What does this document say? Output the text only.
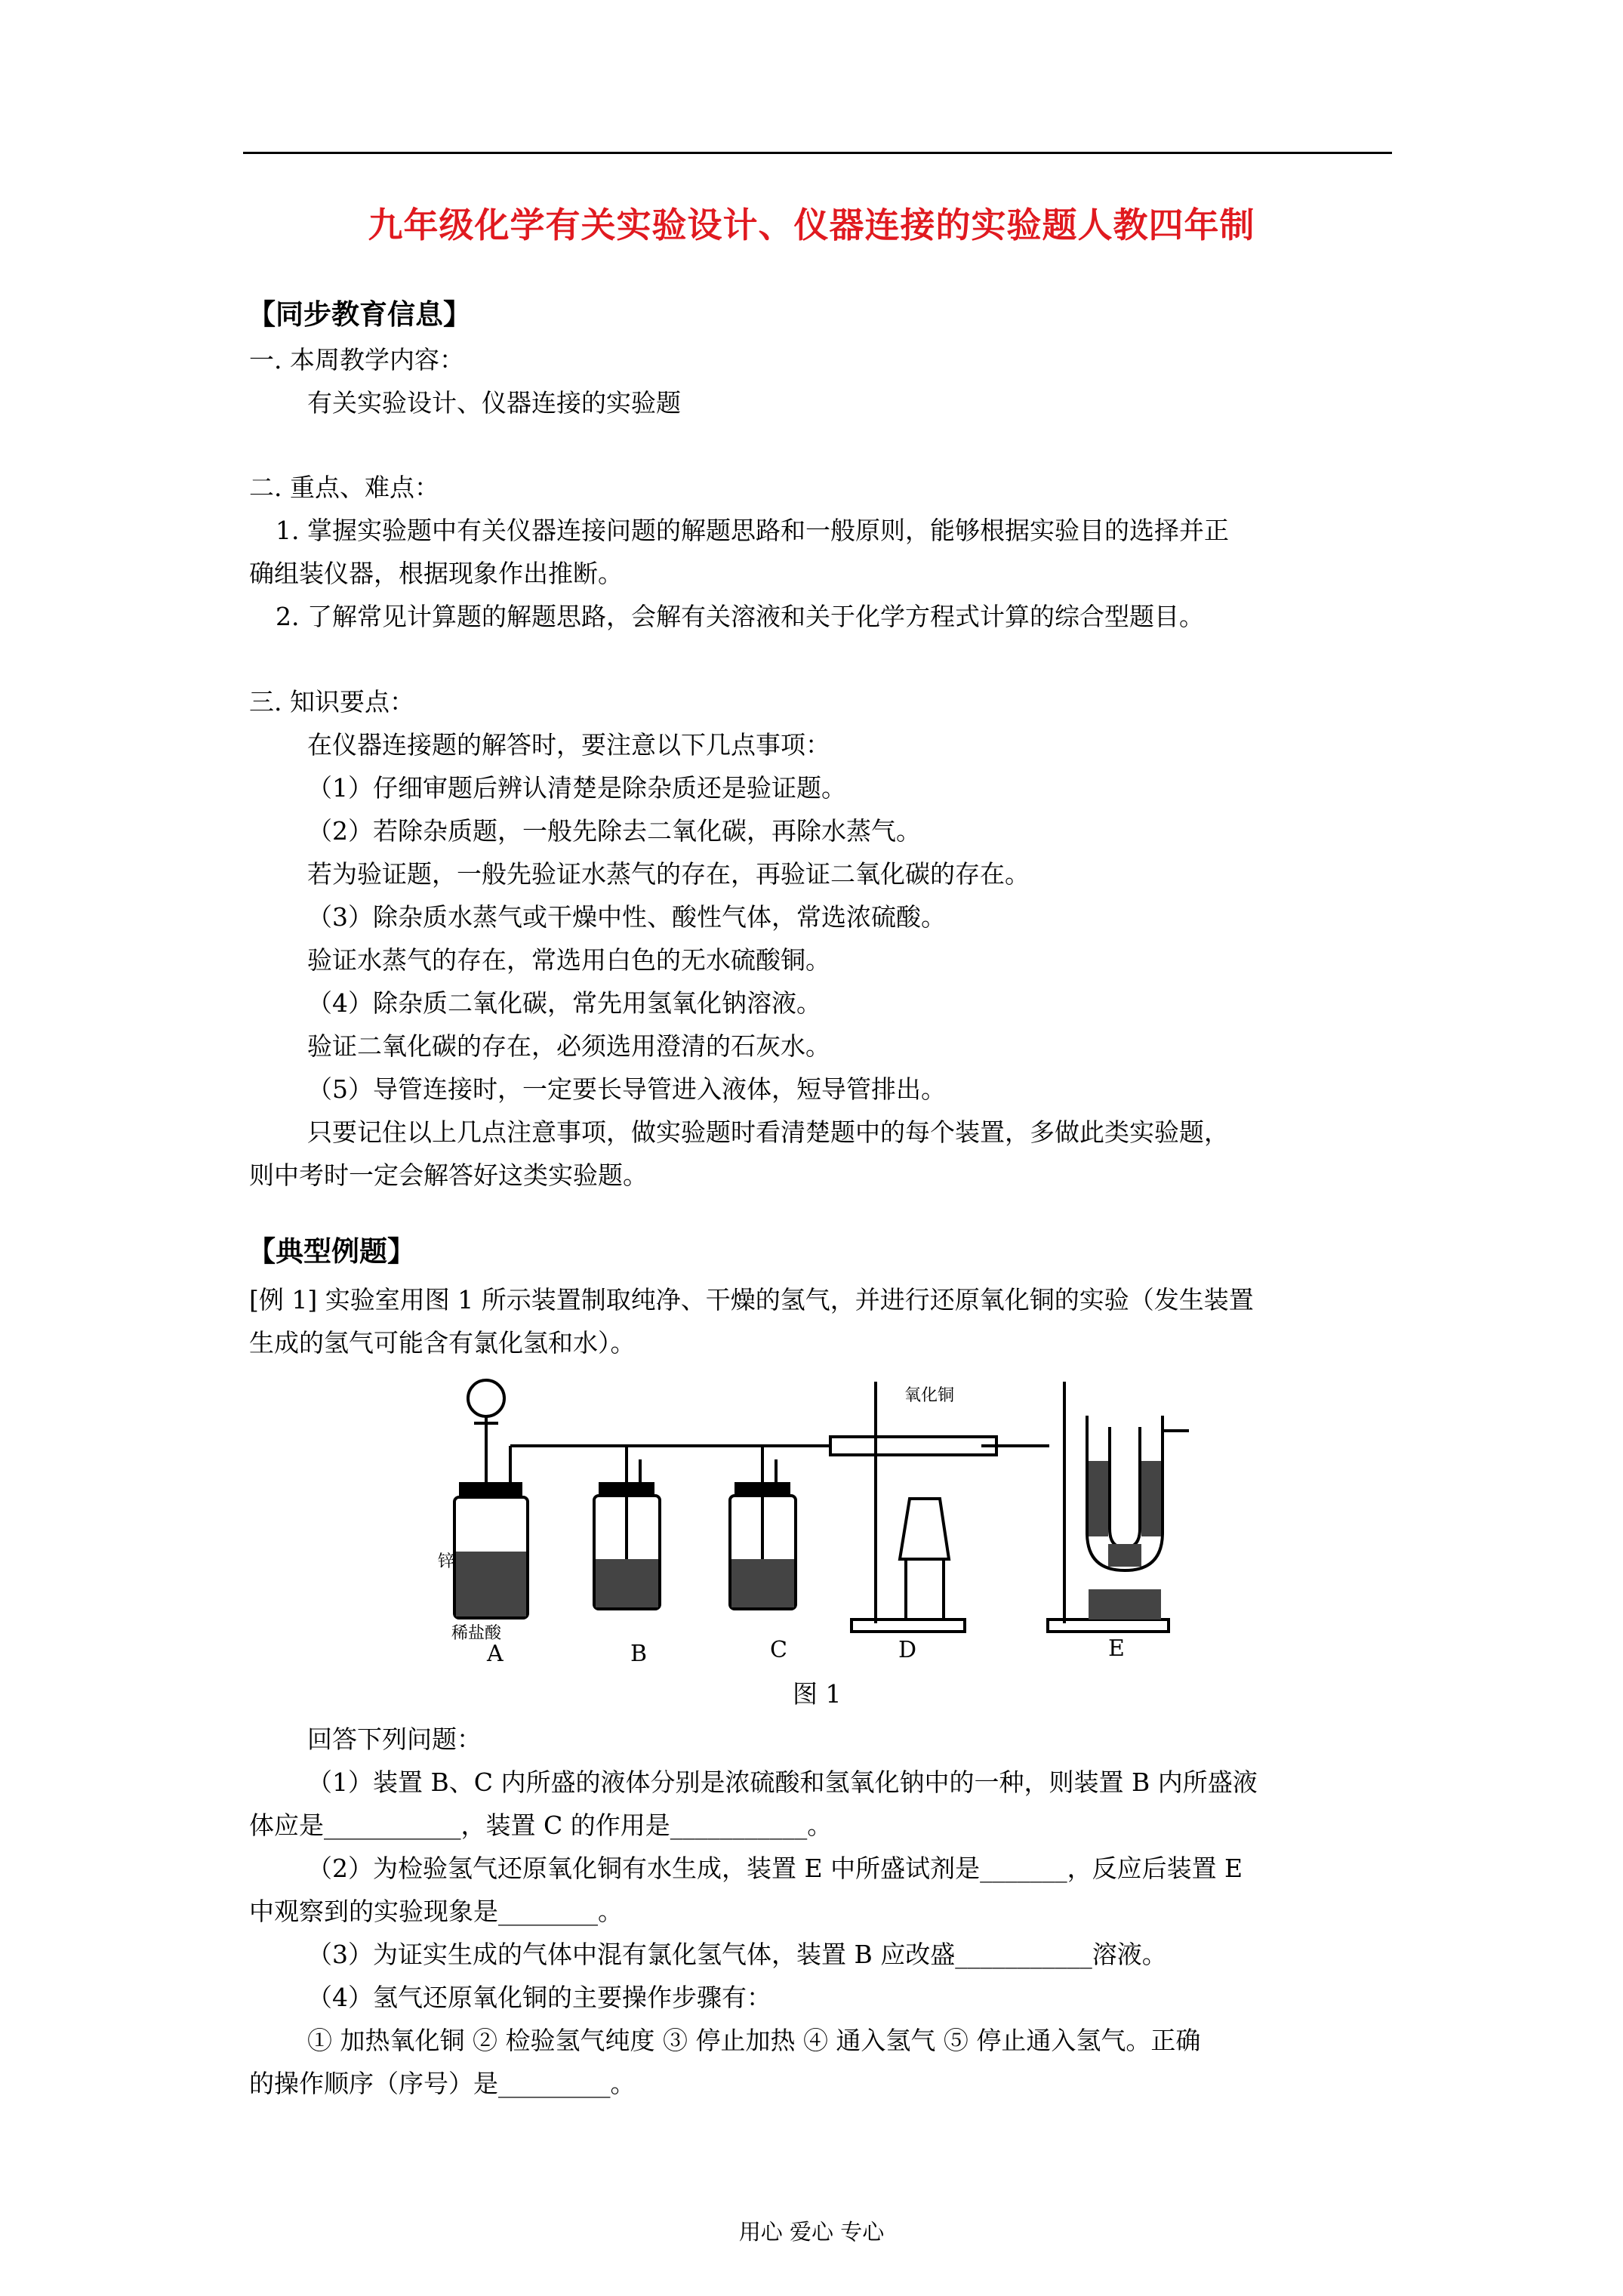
九年级化学有关实验设计、仪器连接的实验题人教四年制
【同步教育信息】
一. 本周教学内容：
有关实验设计、仪器连接的实验题
二. 重点、难点：
1. 掌握实验题中有关仪器连接问题的解题思路和一般原则，能够根据实验目的选择并正
确组装仪器，根据现象作出推断。
2. 了解常见计算题的解题思路，会解有关溶液和关于化学方程式计算的综合型题目。
三. 知识要点：
在仪器连接题的解答时，要注意以下几点事项：
（1）仔细审题后辨认清楚是除杂质还是验证题。
（2）若除杂质题，一般先除去二氧化碳，再除水蒸气。
若为验证题，一般先验证水蒸气的存在，再验证二氧化碳的存在。
（3）除杂质水蒸气或干燥中性、酸性气体，常选浓硫酸。
验证水蒸气的存在，常选用白色的无水硫酸铜。
（4）除杂质二氧化碳，常先用氢氧化钠溶液。
验证二氧化碳的存在，必须选用澄清的石灰水。
（5）导管连接时，一定要长导管进入液体，短导管排出。
只要记住以上几点注意事项，做实验题时看清楚题中的每个装置，多做此类实验题，
则中考时一定会解答好这类实验题。
【典型例题】
[例 1] 实验室用图 1 所示装置制取纯净、干燥的氢气，并进行还原氧化铜的实验（发生装置
生成的氢气可能含有氯化氢和水）。
锌
稀盐酸
氧化铜
A	B	C	D	E
图 1
回答下列问题：
（1）装置 B、C 内所盛的液体分别是浓硫酸和氢氧化钠中的一种，则装置 B 内所盛液
体应是___________，装置 C 的作用是___________。
（2）为检验氢气还原氧化铜有水生成，装置 E 中所盛试剂是_______，反应后装置 E
中观察到的实验现象是________。
（3）为证实生成的气体中混有氯化氢气体，装置 B 应改盛___________溶液。
（4）氢气还原氧化铜的主要操作步骤有：
① 加热氧化铜 ② 检验氢气纯度 ③ 停止加热 ④ 通入氢气 ⑤ 停止通入氢气。正确
的操作顺序（序号）是_________。
用心 爱心 专心
